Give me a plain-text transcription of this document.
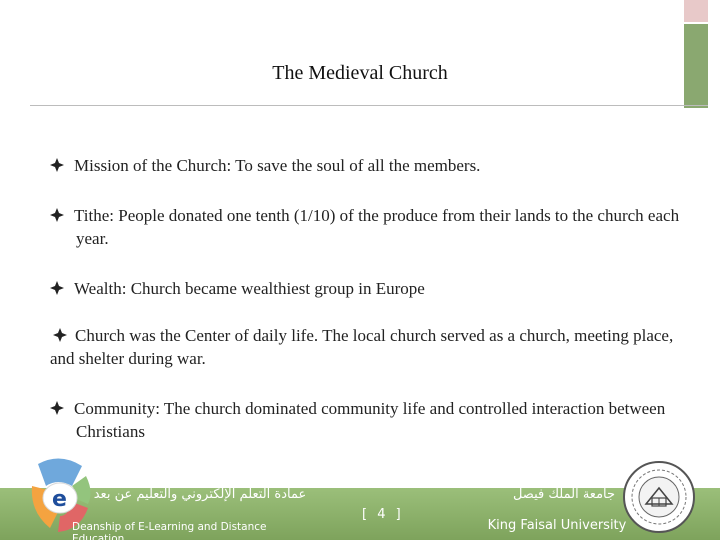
The Medieval Church
Mission of the Church: To save the soul of all the members.
Tithe: People donated one tenth (1/10) of the produce from their lands to the church each year.
Wealth: Church became wealthiest group in Europe
Church was the Center of daily life. The local church served as a church, meeting place, and shelter during war.
Community: The church dominated community life and controlled interaction between Christians
e عمادة التعلم الإلكتروني والتعليم عن بعد
Deanship of E-Learning and Distance Education
[ 4 ]
جامعة الملك فيصل
King Faisal University
